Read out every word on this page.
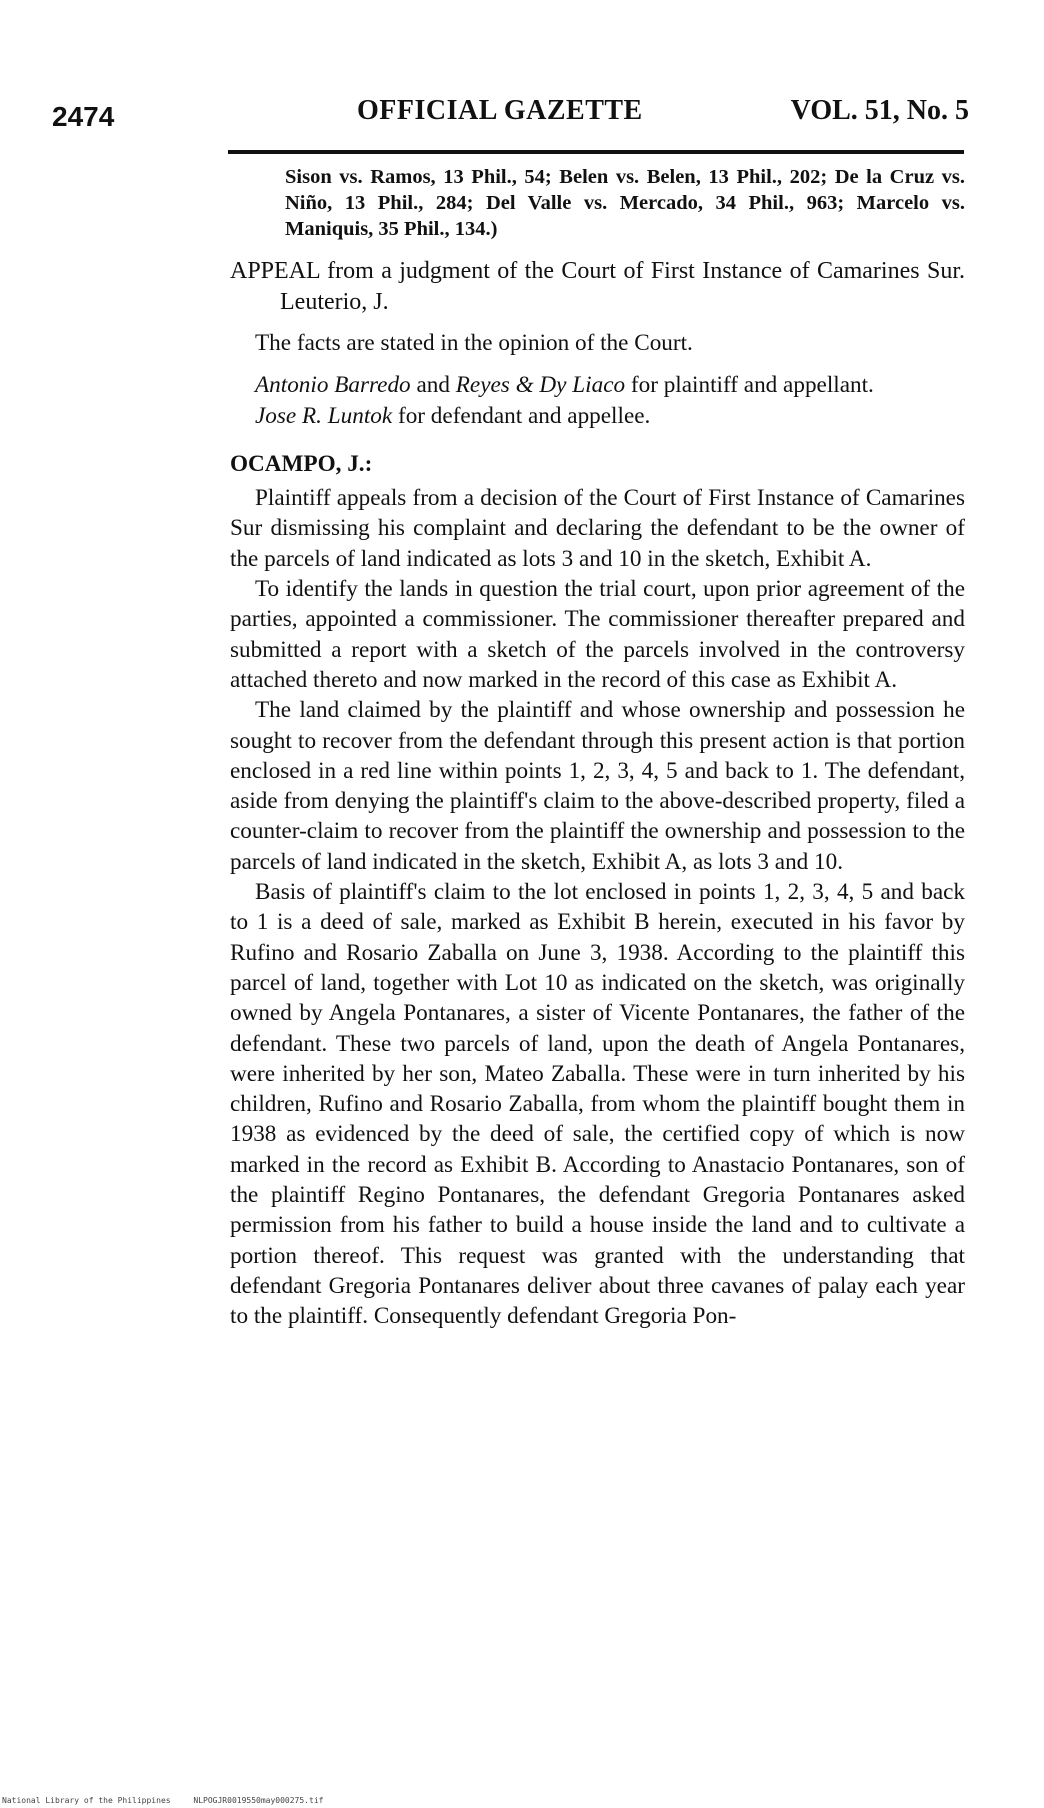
2474	OFFICIAL GAZETTE	VOL. 51, No. 5
Sison vs. Ramos, 13 Phil., 54; Belen vs. Belen, 13 Phil., 202; De la Cruz vs. Niño, 13 Phil., 284; Del Valle vs. Mercado, 34 Phil., 963; Marcelo vs. Maniquis, 35 Phil., 134.)
APPEAL from a judgment of the Court of First Instance of Camarines Sur. Leuterio, J.
The facts are stated in the opinion of the Court.
Antonio Barredo and Reyes & Dy Liaco for plaintiff and appellant.
Jose R. Luntok for defendant and appellee.
OCAMPO, J.:

Plaintiff appeals from a decision of the Court of First Instance of Camarines Sur dismissing his complaint and declaring the defendant to be the owner of the parcels of land indicated as lots 3 and 10 in the sketch, Exhibit A.

To identify the lands in question the trial court, upon prior agreement of the parties, appointed a commissioner. The commissioner thereafter prepared and submitted a report with a sketch of the parcels involved in the controversy attached thereto and now marked in the record of this case as Exhibit A.

The land claimed by the plaintiff and whose ownership and possession he sought to recover from the defendant through this present action is that portion enclosed in a red line within points 1, 2, 3, 4, 5 and back to 1. The defendant, aside from denying the plaintiff's claim to the above-described property, filed a counter-claim to recover from the plaintiff the ownership and possession to the parcels of land indicated in the sketch, Exhibit A, as lots 3 and 10.

Basis of plaintiff's claim to the lot enclosed in points 1, 2, 3, 4, 5 and back to 1 is a deed of sale, marked as Exhibit B herein, executed in his favor by Rufino and Rosario Zaballa on June 3, 1938. According to the plaintiff this parcel of land, together with Lot 10 as indicated on the sketch, was originally owned by Angela Pontanares, a sister of Vicente Pontanares, the father of the defendant. These two parcels of land, upon the death of Angela Pontanares, were inherited by her son, Mateo Zaballa. These were in turn inherited by his children, Rufino and Rosario Zaballa, from whom the plaintiff bought them in 1938 as evidenced by the deed of sale, the certified copy of which is now marked in the record as Exhibit B. According to Anastacio Pontanares, son of the plaintiff Regino Pontanares, the defendant Gregoria Pontanares asked permission from his father to build a house inside the land and to cultivate a portion thereof. This request was granted with the understanding that defendant Gregoria Pontanares deliver about three cavanes of palay each year to the plaintiff. Consequently defendant Gregoria Pon-

National Library of the Philippines	NLPOGJR0019550may000275.tif
